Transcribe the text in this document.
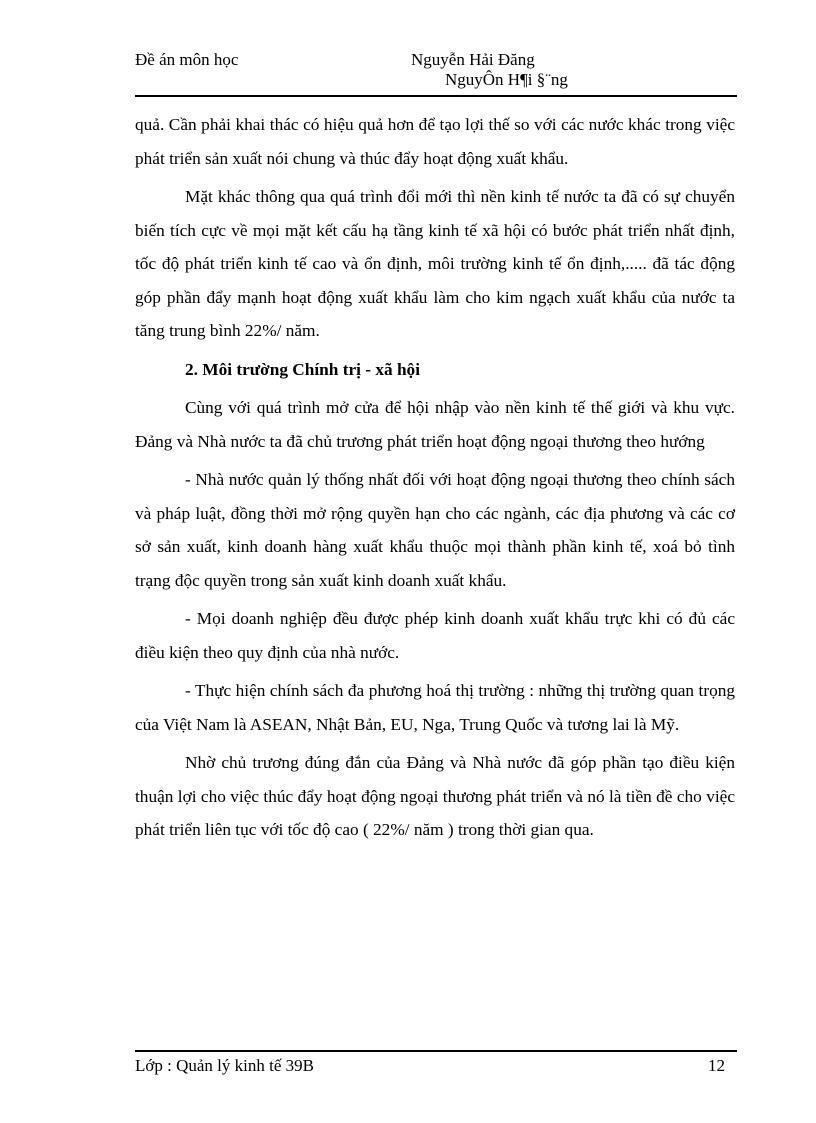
Đề án môn học	Nguyễn Hải Đăng
NguyÔn H¶i §¨ng

quả. Cần phải khai thác có hiệu quả hơn để tạo lợi thế so với các nước khác trong việc phát triển sản xuất nói chung và thúc đẩy hoạt động xuất khẩu.

Mặt khác thông qua quá trình đổi mới thì nền kinh tế nước ta đã có sự chuyển biến tích cực về mọi mặt kết cấu hạ tầng kinh tế xã hội có bước phát triển nhất định, tốc độ phát triển kinh tế cao và ổn định, môi trường kinh tế ổn định,..... đã tác động góp phần đẩy mạnh hoạt động xuất khẩu làm cho kim ngạch xuất khẩu của nước ta tăng trung bình 22%/ năm.

2. Môi trường Chính trị - xã hội

Cùng với quá trình mở cửa để hội nhập vào nền kinh tế thế giới và khu vực. Đảng và Nhà nước ta đã chủ trương phát triển hoạt động ngoại thương theo hướng

- Nhà nước quản lý thống nhất đối với hoạt động ngoại thương theo chính sách và pháp luật, đồng thời mở rộng quyền hạn cho các ngành, các địa phương và các cơ sở sản xuất, kinh doanh hàng xuất khẩu thuộc mọi thành phần kinh tế, xoá bỏ tình trạng độc quyền trong sản xuất kinh doanh xuất khẩu.

- Mọi doanh nghiệp đều được phép kinh doanh xuất khẩu trực khi có đủ các điều kiện theo quy định của nhà nước.

- Thực hiện chính sách đa phương hoá thị trường : những thị trường quan trọng của Việt Nam là ASEAN, Nhật Bản, EU, Nga, Trung Quốc và tương lai là Mỹ.

Nhờ chủ trương đúng đắn của Đảng và Nhà nước đã góp phần tạo điều kiện thuận lợi cho việc thúc đẩy hoạt động ngoại thương phát triển và nó là tiền đề cho việc phát triển liên tục với tốc độ cao ( 22%/ năm ) trong thời gian qua.

Lớp : Quản lý kinh tế 39B	12
